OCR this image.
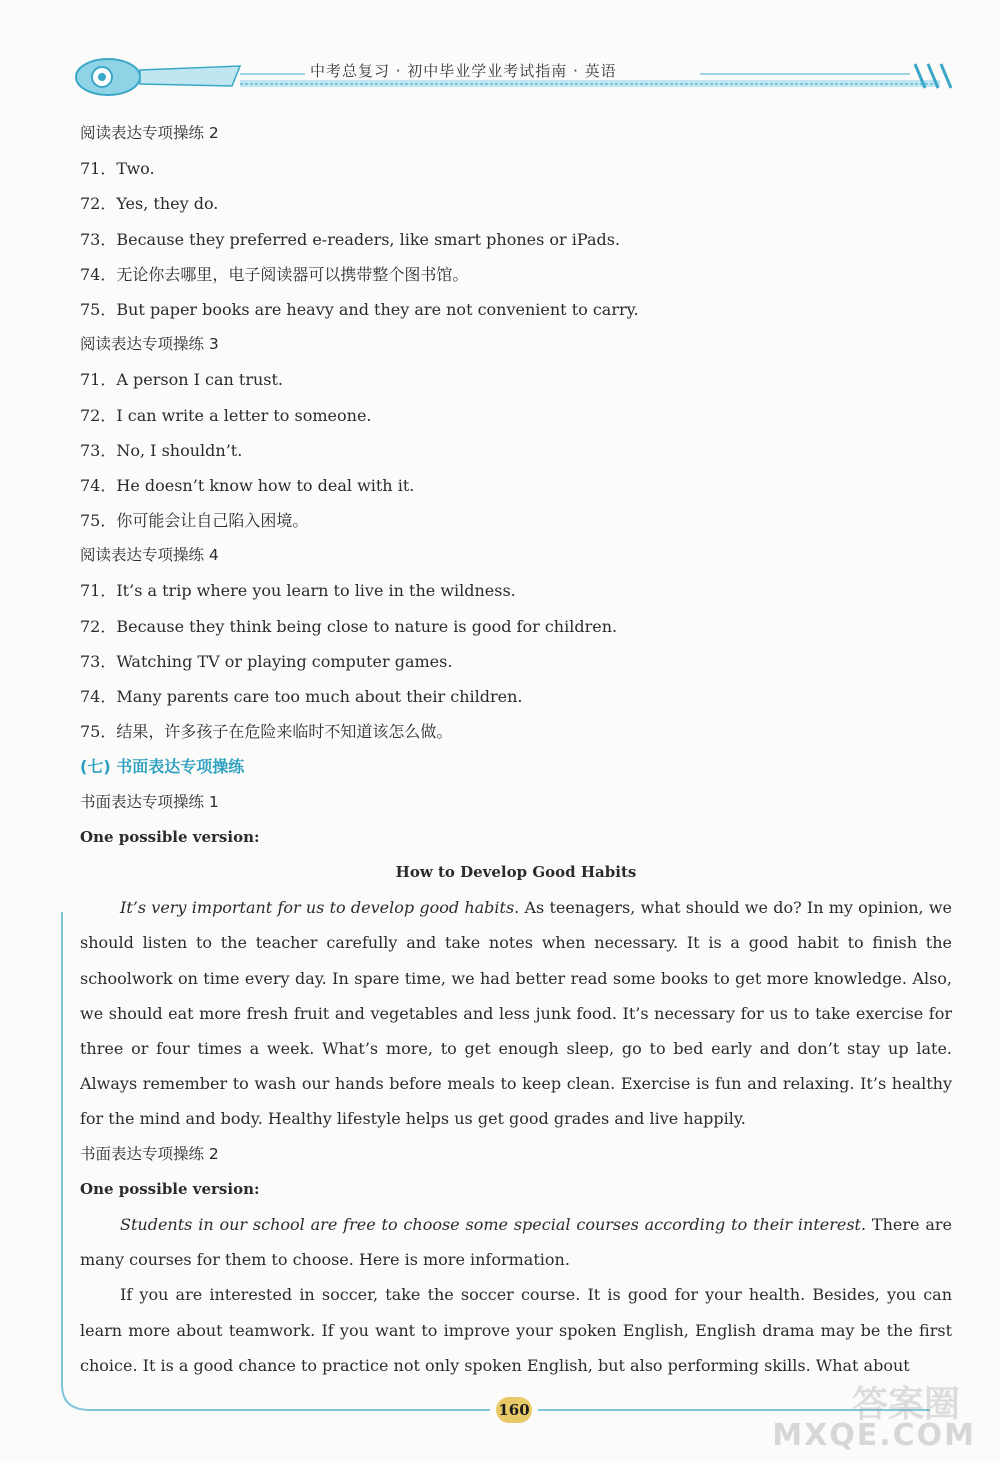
中考总复习 · 初中毕业学业考试指南 · 英语
阅读表达专项操练 2
71．Two.
72．Yes, they do.
73．Because they preferred e-readers, like smart phones or iPads.
74．无论你去哪里，电子阅读器可以携带整个图书馆。
75．But paper books are heavy and they are not convenient to carry.
阅读表达专项操练 3
71．A person I can trust.
72．I can write a letter to someone.
73．No, I shouldn’t.
74．He doesn’t know how to deal with it.
75．你可能会让自己陷入困境。
阅读表达专项操练 4
71．It’s a trip where you learn to live in the wildness.
72．Because they think being close to nature is good for children.
73．Watching TV or playing computer games.
74．Many parents care too much about their children.
75．结果，许多孩子在危险来临时不知道该怎么做。
(七) 书面表达专项操练
书面表达专项操练 1
One possible version:
How to Develop Good Habits

It’s very important for us to develop good habits. As teenagers, what should we do? In my opinion, we should listen to the teacher carefully and take notes when necessary. It is a good habit to finish the schoolwork on time every day. In spare time, we had better read some books to get more knowledge. Also, we should eat more fresh fruit and vegetables and less junk food. It’s necessary for us to take exercise for three or four times a week. What’s more, to get enough sleep, go to bed early and don’t stay up late. Always remember to wash our hands before meals to keep clean. Exercise is fun and relaxing. It’s healthy for the mind and body. Healthy lifestyle helps us get good grades and live happily.

书面表达专项操练 2
One possible version:

Students in our school are free to choose some special courses according to their interest. There are many courses for them to choose. Here is more information.

If you are interested in soccer, take the soccer course. It is good for your health. Besides, you can learn more about teamwork. If you want to improve your spoken English, English drama may be the first choice. It is a good chance to practice not only spoken English, but also performing skills. What about

160	答案圈
MXQE.COM
